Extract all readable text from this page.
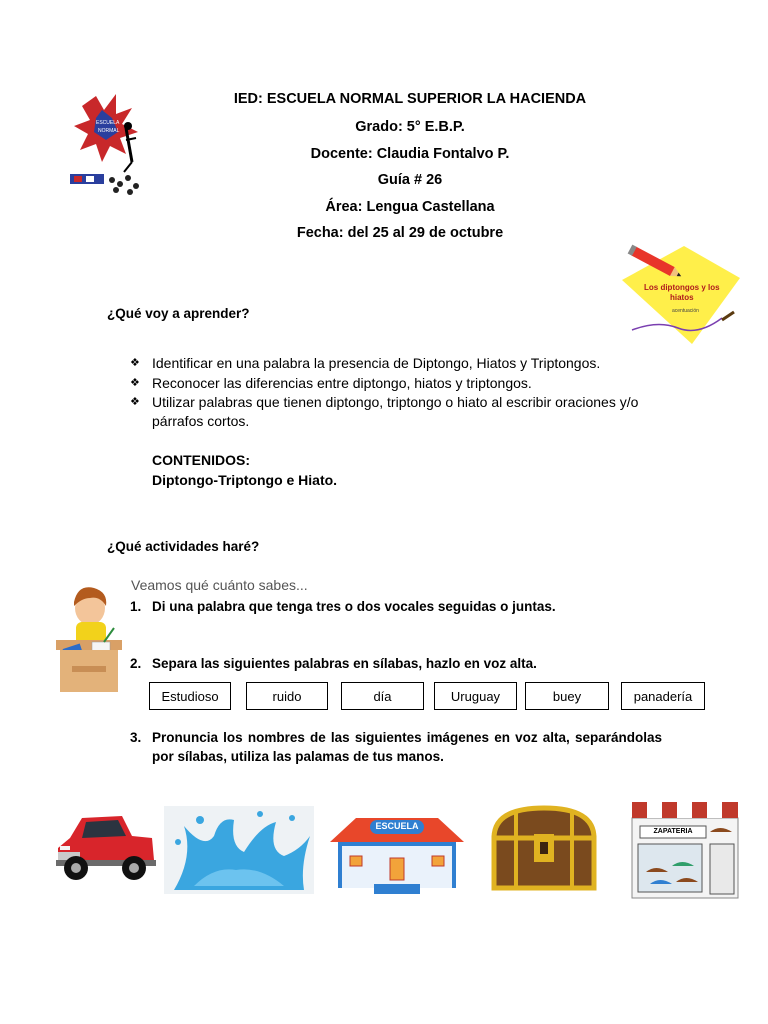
ESCUELA
NORMAL
IED: ESCUELA NORMAL SUPERIOR LA HACIENDA
Grado: 5° E.B.P.
Docente: Claudia Fontalvo P.
Guía # 26
Área: Lengua Castellana
Fecha: del 25 al 29 de octubre
Los diptongos y los
hiatos
acentuación
¿Qué voy a aprender?
❖ Identificar en una palabra la presencia de Diptongo, Hiatos y Triptongos.
❖ Reconocer las diferencias entre diptongo, hiatos y triptongos.
❖ Utilizar palabras que tienen diptongo, triptongo o hiato al escribir oraciones y/o párrafos cortos.
CONTENIDOS:
Diptongo-Triptongo e Hiato.
¿Qué actividades haré?
Veamos qué cuánto sabes...
1. Di una palabra que tenga tres o dos vocales seguidas o juntas.
2. Separa las siguientes palabras en sílabas, hazlo en voz alta.
Estudioso	ruido	día	Uruguay	buey	panadería
3. Pronuncia los nombres de las siguientes imágenes en voz alta, separándolas por sílabas, utiliza las palamas de tus manos.
ESCUELA
ZAPATERIA
